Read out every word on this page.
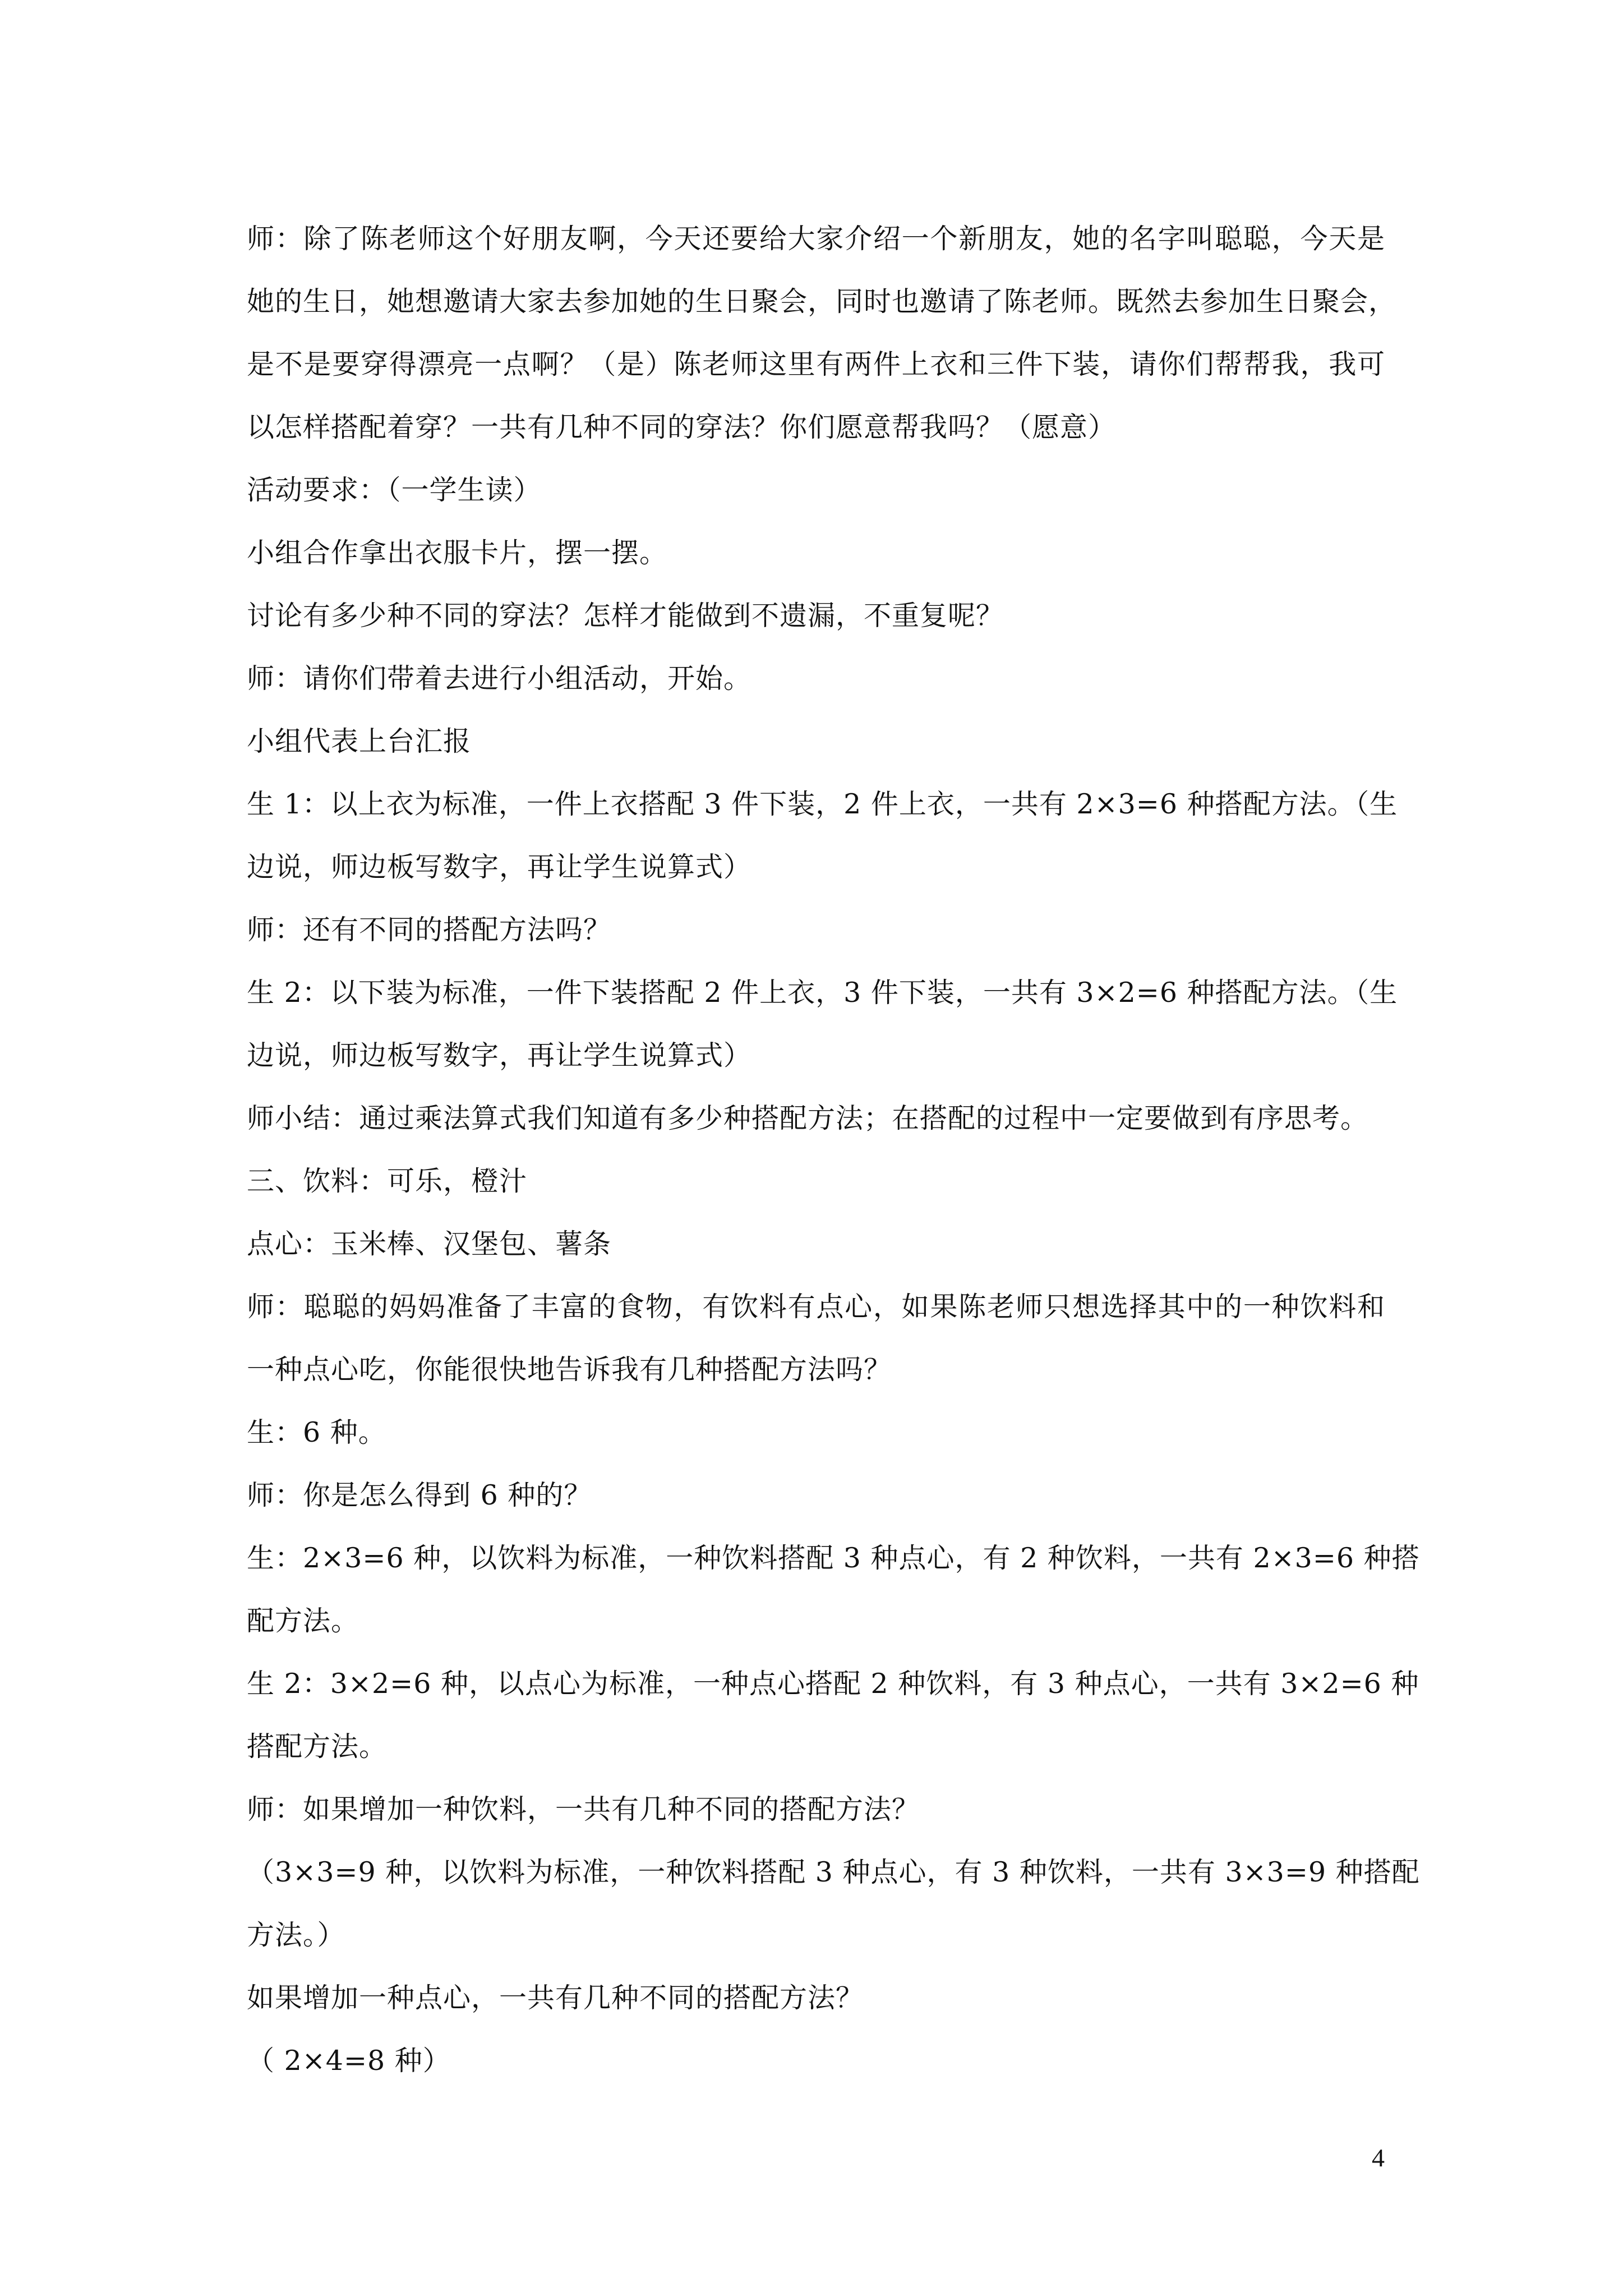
师：除了陈老师这个好朋友啊，今天还要给大家介绍一个新朋友，她的名字叫聪聪，今天是
她的生日，她想邀请大家去参加她的生日聚会，同时也邀请了陈老师。既然去参加生日聚会，
是不是要穿得漂亮一点啊？（是）陈老师这里有两件上衣和三件下装，请你们帮帮我，我可
以怎样搭配着穿？一共有几种不同的穿法？你们愿意帮我吗？（愿意）
活动要求：（一学生读）
小组合作拿出衣服卡片，摆一摆。
讨论有多少种不同的穿法？怎样才能做到不遗漏，不重复呢？
师：请你们带着去进行小组活动，开始。
小组代表上台汇报
生 1：以上衣为标准，一件上衣搭配 3 件下装，2 件上衣，一共有 2×3=6 种搭配方法。（生
边说，师边板写数字，再让学生说算式）
师：还有不同的搭配方法吗？
生 2：以下装为标准，一件下装搭配 2 件上衣，3 件下装，一共有 3×2=6 种搭配方法。（生
边说，师边板写数字，再让学生说算式）
师小结：通过乘法算式我们知道有多少种搭配方法；在搭配的过程中一定要做到有序思考。
三、饮料：可乐，橙汁
点心：玉米棒、汉堡包、薯条
师：聪聪的妈妈准备了丰富的食物，有饮料有点心，如果陈老师只想选择其中的一种饮料和
一种点心吃，你能很快地告诉我有几种搭配方法吗？
生：6 种。
师：你是怎么得到 6 种的？
生：2×3=6 种，以饮料为标准，一种饮料搭配 3 种点心，有 2 种饮料，一共有 2×3=6 种搭
配方法。
生 2：3×2=6 种，以点心为标准，一种点心搭配 2 种饮料，有 3 种点心，一共有 3×2=6 种
搭配方法。
师：如果增加一种饮料，一共有几种不同的搭配方法？
（3×3=9 种，以饮料为标准，一种饮料搭配 3 种点心，有 3 种饮料，一共有 3×3=9 种搭配
方法。）
如果增加一种点心，一共有几种不同的搭配方法？
（ 2×4=8 种）
4
